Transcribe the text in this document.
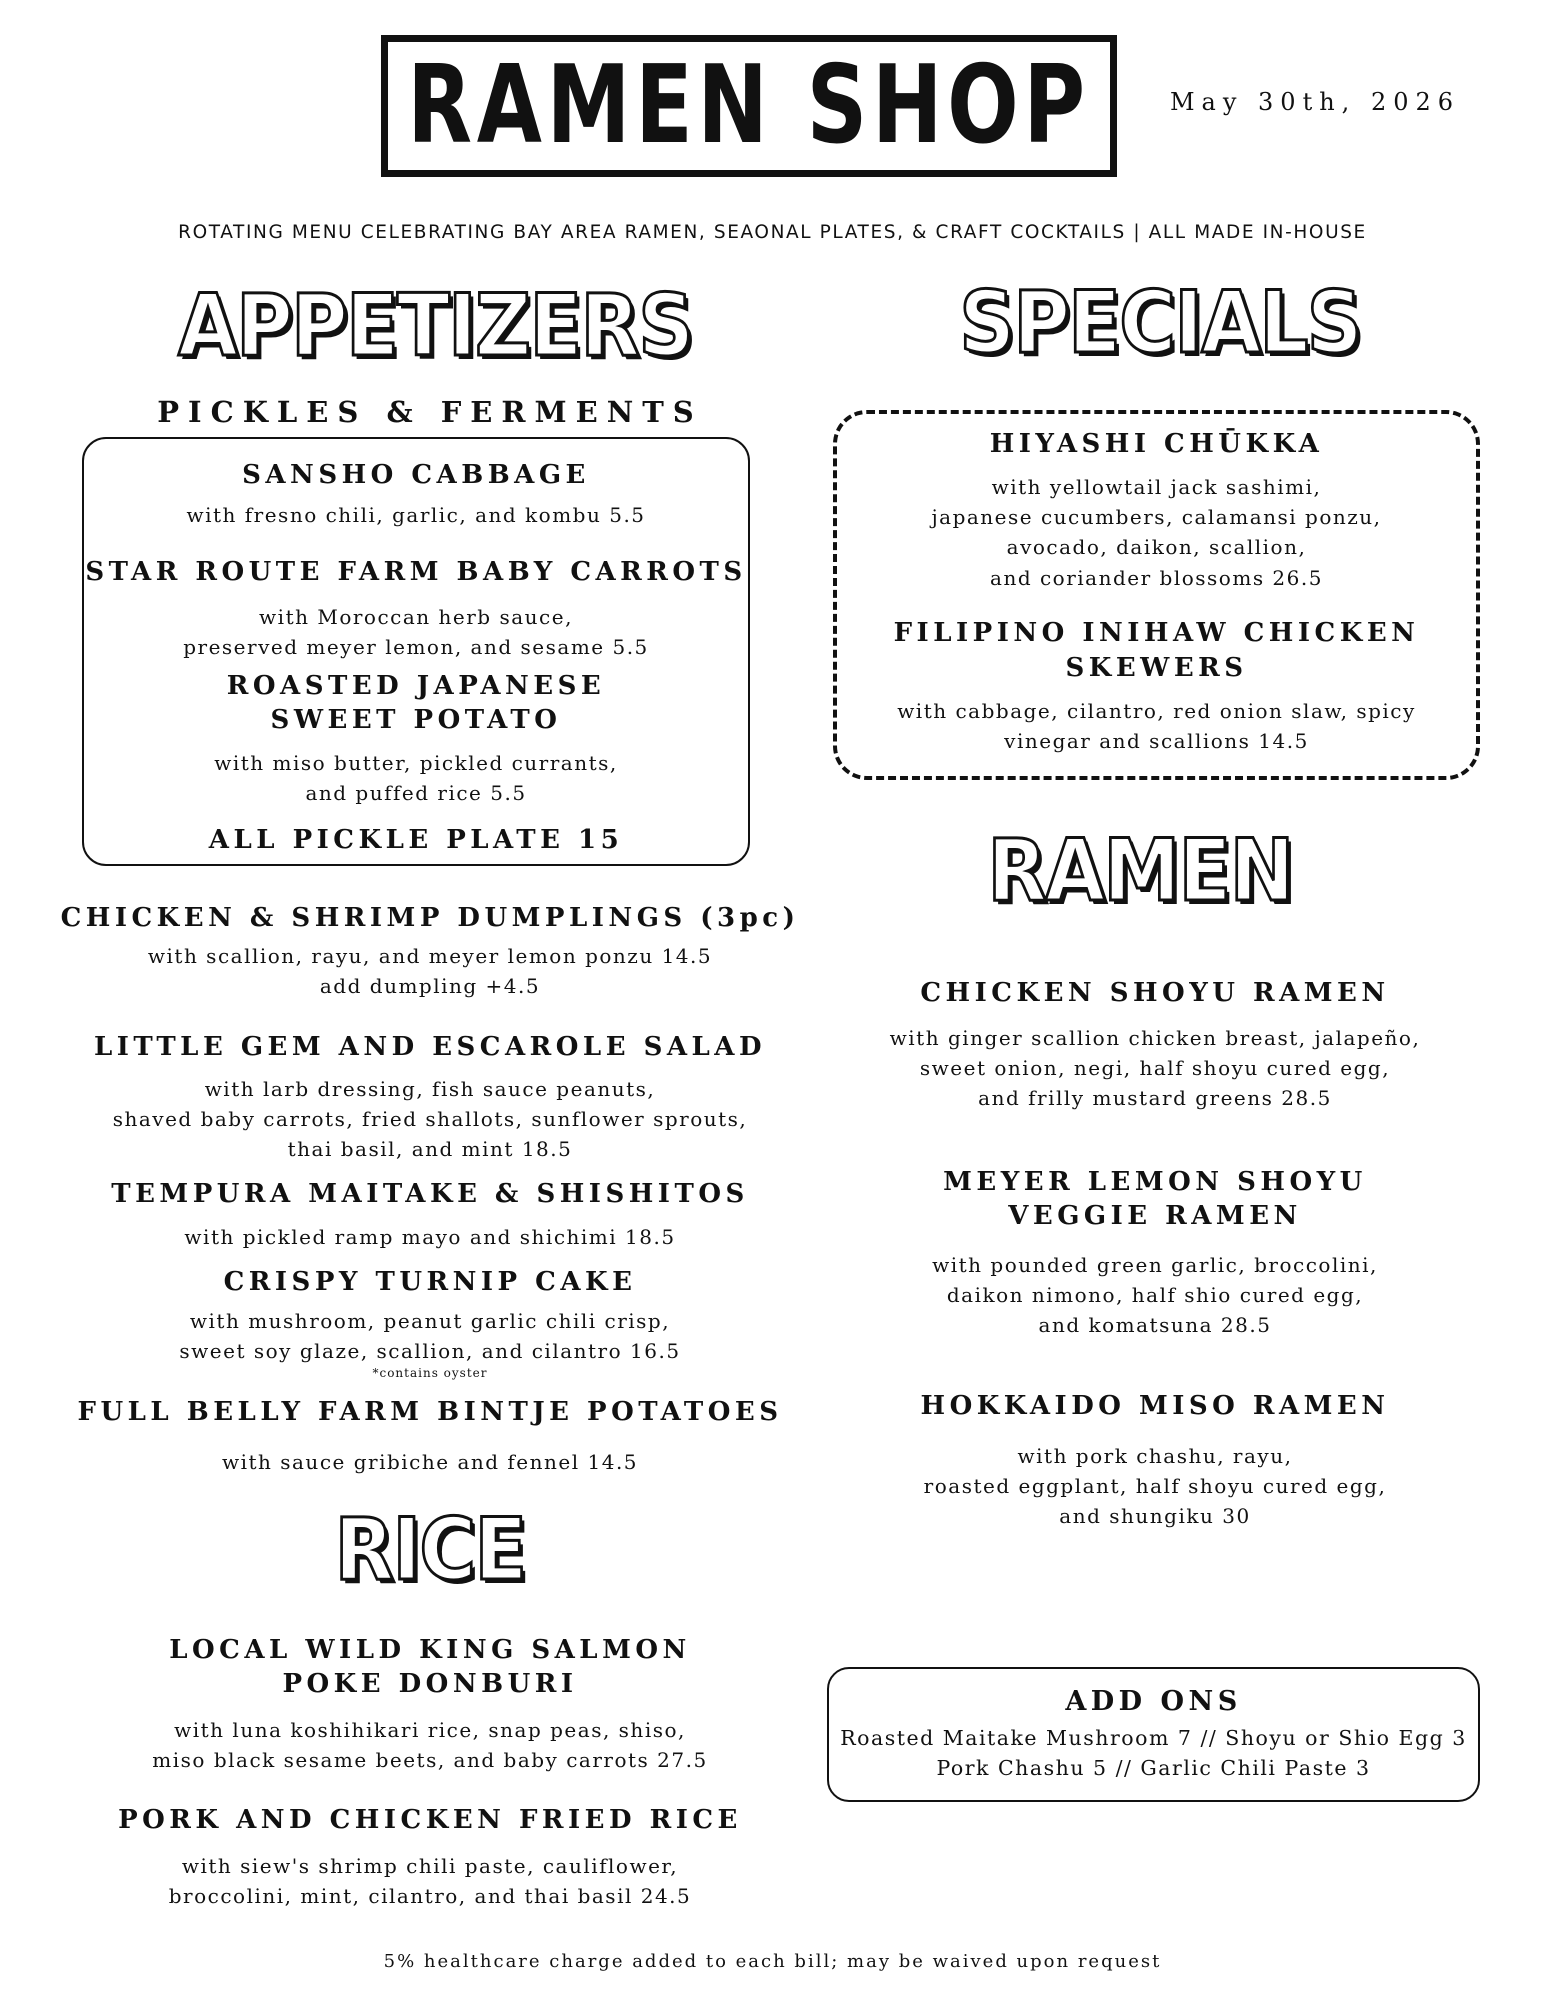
RAMEN SHOP	May 30th, 2026
ROTATING MENU CELEBRATING BAY AREA RAMEN, SEAONAL PLATES, & CRAFT COCKTAILS | ALL MADE IN-HOUSE
APPETIZERS
PICKLES & FERMENTS
SANSHO CABBAGE
with fresno chili, garlic, and kombu 5.5
STAR ROUTE FARM BABY CARROTS
with Moroccan herb sauce,
preserved meyer lemon, and sesame 5.5
ROASTED JAPANESE
SWEET POTATO
with miso butter, pickled currants,
and puffed rice 5.5
ALL PICKLE PLATE 15
CHICKEN & SHRIMP DUMPLINGS (3pc)
with scallion, rayu, and meyer lemon ponzu 14.5
add dumpling +4.5
LITTLE GEM AND ESCAROLE SALAD
with larb dressing, fish sauce peanuts,
shaved baby carrots, fried shallots, sunflower sprouts,
thai basil, and mint 18.5
TEMPURA MAITAKE & SHISHITOS
with pickled ramp mayo and shichimi 18.5
CRISPY TURNIP CAKE
with mushroom, peanut garlic chili crisp,
sweet soy glaze, scallion, and cilantro 16.5
*contains oyster
FULL BELLY FARM BINTJE POTATOES
with sauce gribiche and fennel 14.5
RICE
LOCAL WILD KING SALMON
POKE DONBURI
with luna koshihikari rice, snap peas, shiso,
miso black sesame beets, and baby carrots 27.5
PORK AND CHICKEN FRIED RICE
with siew's shrimp chili paste, cauliflower,
broccolini, mint, cilantro, and thai basil 24.5
SPECIALS
HIYASHI CHŪKKA
with yellowtail jack sashimi,
japanese cucumbers, calamansi ponzu,
avocado, daikon, scallion,
and coriander blossoms 26.5
FILIPINO INIHAW CHICKEN
SKEWERS
with cabbage, cilantro, red onion slaw, spicy
vinegar and scallions 14.5
RAMEN
CHICKEN SHOYU RAMEN
with ginger scallion chicken breast, jalapeño,
sweet onion, negi, half shoyu cured egg,
and frilly mustard greens 28.5
MEYER LEMON SHOYU
VEGGIE RAMEN
with pounded green garlic, broccolini,
daikon nimono, half shio cured egg,
and komatsuna 28.5
HOKKAIDO MISO RAMEN
with pork chashu, rayu,
roasted eggplant, half shoyu cured egg,
and shungiku 30
ADD ONS
Roasted Maitake Mushroom 7 // Shoyu or Shio Egg 3
Pork Chashu 5 // Garlic Chili Paste 3
5% healthcare charge added to each bill; may be waived upon request
